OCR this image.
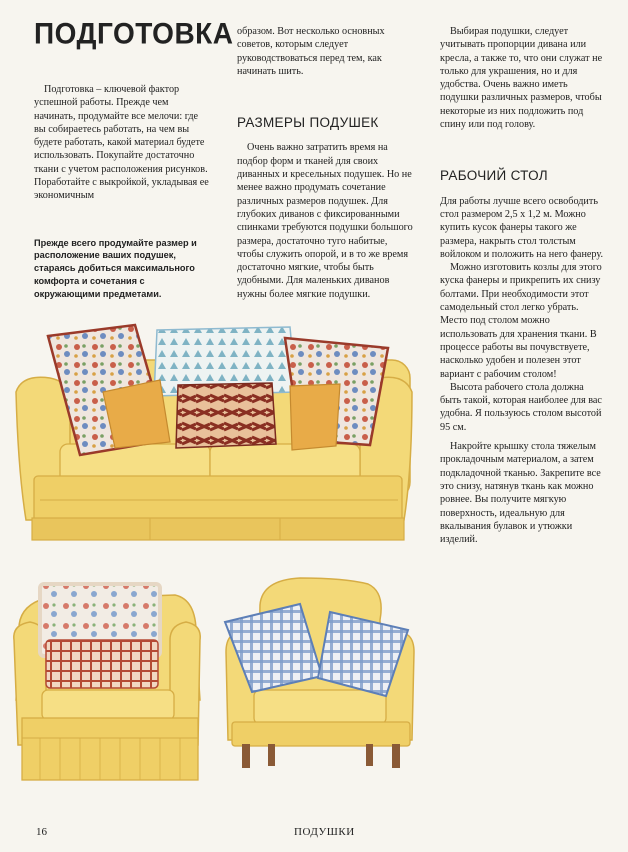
ПОДГОТОВКА

Подготовка – ключевой фактор успешной работы. Прежде чем начинать, продумайте все мелочи: где вы собираетесь работать, на чем вы будете работать, какой материал будете использовать. Покупайте достаточно ткани с учетом расположения рисунков. Поработайте с выкройкой, укладывая ее экономичным

Прежде всего продумайте размер и расположение ваших подушек, стараясь добиться максимального комфорта и сочетания с окружающими предметами.

образом. Вот несколько основных советов, которым следует руководствоваться перед тем, как начинать шить.

РАЗМЕРЫ ПОДУШЕК

Очень важно затратить время на подбор форм и тканей для своих диванных и кресельных подушек. Но не менее важно продумать сочетание различных размеров подушек. Для глубоких диванов с фиксированными спинками требуются подушки большого размера, достаточно туго набитые, чтобы служить опорой, и в то же время достаточно мягкие, чтобы быть удобными. Для маленьких диванов нужны более мягкие подушки.

Выбирая подушки, следует учитывать пропорции дивана или кресла, а также то, что они служат не только для украшения, но и для удобства. Очень важно иметь подушки различных размеров, чтобы некоторые из них подложить под спину или под голову.

РАБОЧИЙ СТОЛ

Для работы лучше всего освободить стол размером 2,5 х 1,2 м. Можно купить кусок фанеры такого же размера, накрыть стол толстым войлоком и положить на него фанеру.

Можно изготовить козлы для этого куска фанеры и прикрепить их снизу болтами. При необходимости этот самодельный стол легко убрать. Место под столом можно использовать для хранения ткани. В процессе работы вы почувствуете, насколько удобен и полезен этот вариант с рабочим столом!

Высота рабочего стола должна быть такой, которая наиболее для вас удобна. Я пользуюсь столом высотой 95 см.

Накройте крышку стола тяжелым прокладочным материалом, а затем подкладочной тканью. Закрепите все это снизу, натянув ткань как можно ровнее. Вы получите мягкую поверхность, идеальную для вкалывания булавок и утюжки изделий.

16	ПОДУШКИ
